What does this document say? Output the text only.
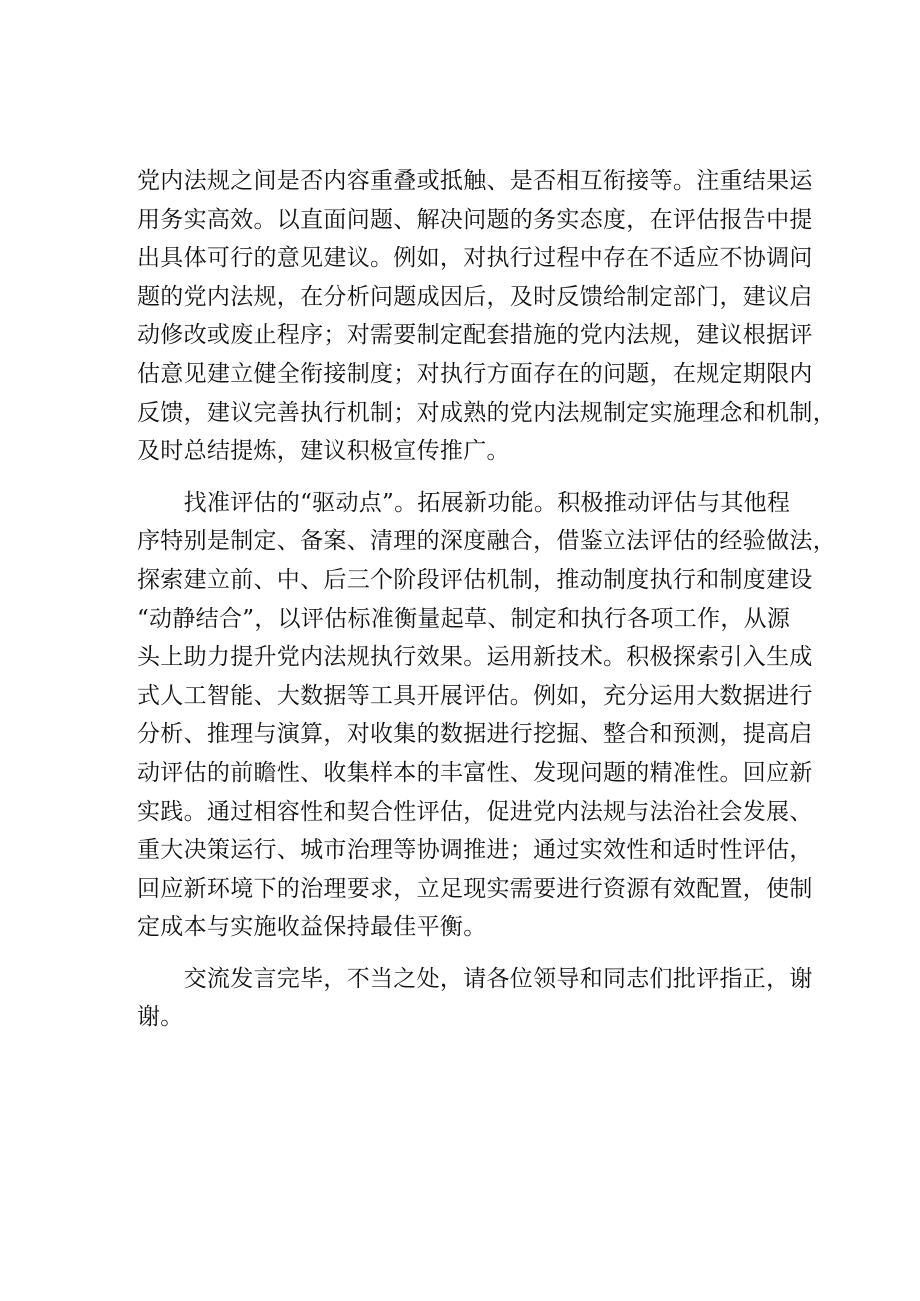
党内法规之间是否内容重叠或抵触、是否相互衔接等。注重结果运
用务实高效。以直面问题、解决问题的务实态度，在评估报告中提
出具体可行的意见建议。例如，对执行过程中存在不适应不协调问
题的党内法规，在分析问题成因后，及时反馈给制定部门，建议启
动修改或废止程序；对需要制定配套措施的党内法规，建议根据评
估意见建立健全衔接制度；对执行方面存在的问题，在规定期限内
反馈，建议完善执行机制；对成熟的党内法规制定实施理念和机制，
及时总结提炼，建议积极宣传推广。
　　找准评估的“驱动点”。拓展新功能。积极推动评估与其他程
序特别是制定、备案、清理的深度融合，借鉴立法评估的经验做法，
探索建立前、中、后三个阶段评估机制，推动制度执行和制度建设
“动静结合”，以评估标准衡量起草、制定和执行各项工作，从源
头上助力提升党内法规执行效果。运用新技术。积极探索引入生成
式人工智能、大数据等工具开展评估。例如，充分运用大数据进行
分析、推理与演算，对收集的数据进行挖掘、整合和预测，提高启
动评估的前瞻性、收集样本的丰富性、发现问题的精准性。回应新
实践。通过相容性和契合性评估，促进党内法规与法治社会发展、
重大决策运行、城市治理等协调推进；通过实效性和适时性评估，
回应新环境下的治理要求，立足现实需要进行资源有效配置，使制
定成本与实施收益保持最佳平衡。
　　交流发言完毕，不当之处，请各位领导和同志们批评指正，谢
谢。
